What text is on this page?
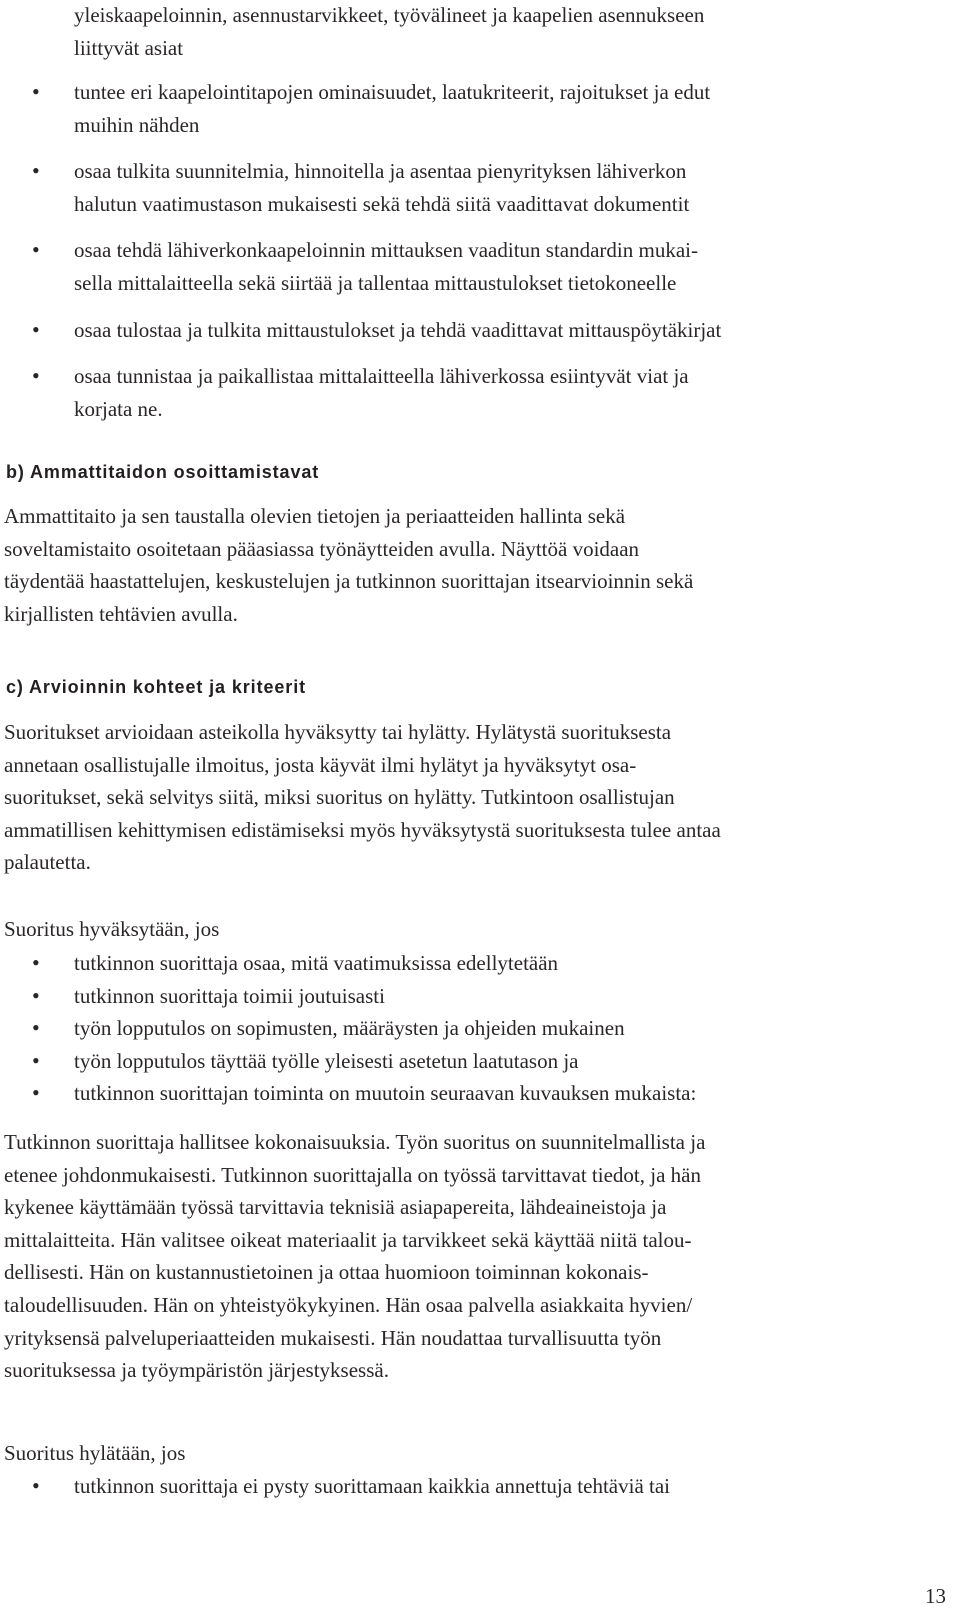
yleiskaapeloinnin, asennustarvikkeet, työvälineet ja kaapelien asennukseen
liittyvät asiat
• tuntee eri kaapelointitapojen ominaisuudet, laatukriteerit, rajoitukset ja edut
muihin nähden
• osaa tulkita suunnitelmia, hinnoitella ja asentaa pienyrityksen lähiverkon
halutun vaatimustason mukaisesti sekä tehdä siitä vaadittavat dokumentit
• osaa tehdä lähiverkonkaapeloinnin mittauksen vaaditun standardin mukai-
sella mittalaitteella sekä siirtää ja tallentaa mittaustulokset tietokoneelle
• osaa tulostaa ja tulkita mittaustulokset ja tehdä vaadittavat mittauspöytäkirjat
• osaa tunnistaa ja paikallistaa mittalaitteella lähiverkossa esiintyvät viat ja
korjata ne.
b) Ammattitaidon osoittamistavat
Ammattitaito ja sen taustalla olevien tietojen ja periaatteiden hallinta sekä
soveltamistaito osoitetaan pääasiassa työnäytteiden avulla. Näyttöä voidaan
täydentää haastattelujen, keskustelujen ja tutkinnon suorittajan itsearvioinnin sekä
kirjallisten tehtävien avulla.
c) Arvioinnin kohteet ja kriteerit
Suoritukset arvioidaan asteikolla hyväksytty tai hylätty. Hylätystä suorituksesta
annetaan osallistujalle ilmoitus, josta käyvät ilmi hylätyt ja hyväksytyt osa-
suoritukset, sekä selvitys siitä, miksi suoritus on hylätty. Tutkintoon osallistujan
ammatillisen kehittymisen edistämiseksi myös hyväksytystä suorituksesta tulee antaa
palautetta.
Suoritus hyväksytään, jos
• tutkinnon suorittaja osaa, mitä vaatimuksissa edellytetään
• tutkinnon suorittaja toimii joutuisasti
• työn lopputulos on sopimusten, määräysten ja ohjeiden mukainen
• työn lopputulos täyttää työlle yleisesti asetetun laatutason ja
• tutkinnon suorittajan toiminta on muutoin seuraavan kuvauksen mukaista:
Tutkinnon suorittaja hallitsee kokonaisuuksia. Työn suoritus on suunnitelmallista ja
etenee johdonmukaisesti. Tutkinnon suorittajalla on työssä tarvittavat tiedot, ja hän
kykenee käyttämään työssä tarvittavia teknisiä asiapapereita, lähdeaineistoja ja
mittalaitteita. Hän valitsee oikeat materiaalit ja tarvikkeet sekä käyttää niitä talou-
dellisesti. Hän on kustannustietoinen ja ottaa huomioon toiminnan kokonais-
taloudellisuuden. Hän on yhteistyökykyinen. Hän osaa palvella asiakkaita hyvien/
yrityksensä palveluperiaatteiden mukaisesti. Hän noudattaa turvallisuutta työn
suorituksessa ja työympäristön järjestyksessä.
Suoritus hylätään, jos
• tutkinnon suorittaja ei pysty suorittamaan kaikkia annettuja tehtäviä tai
13
